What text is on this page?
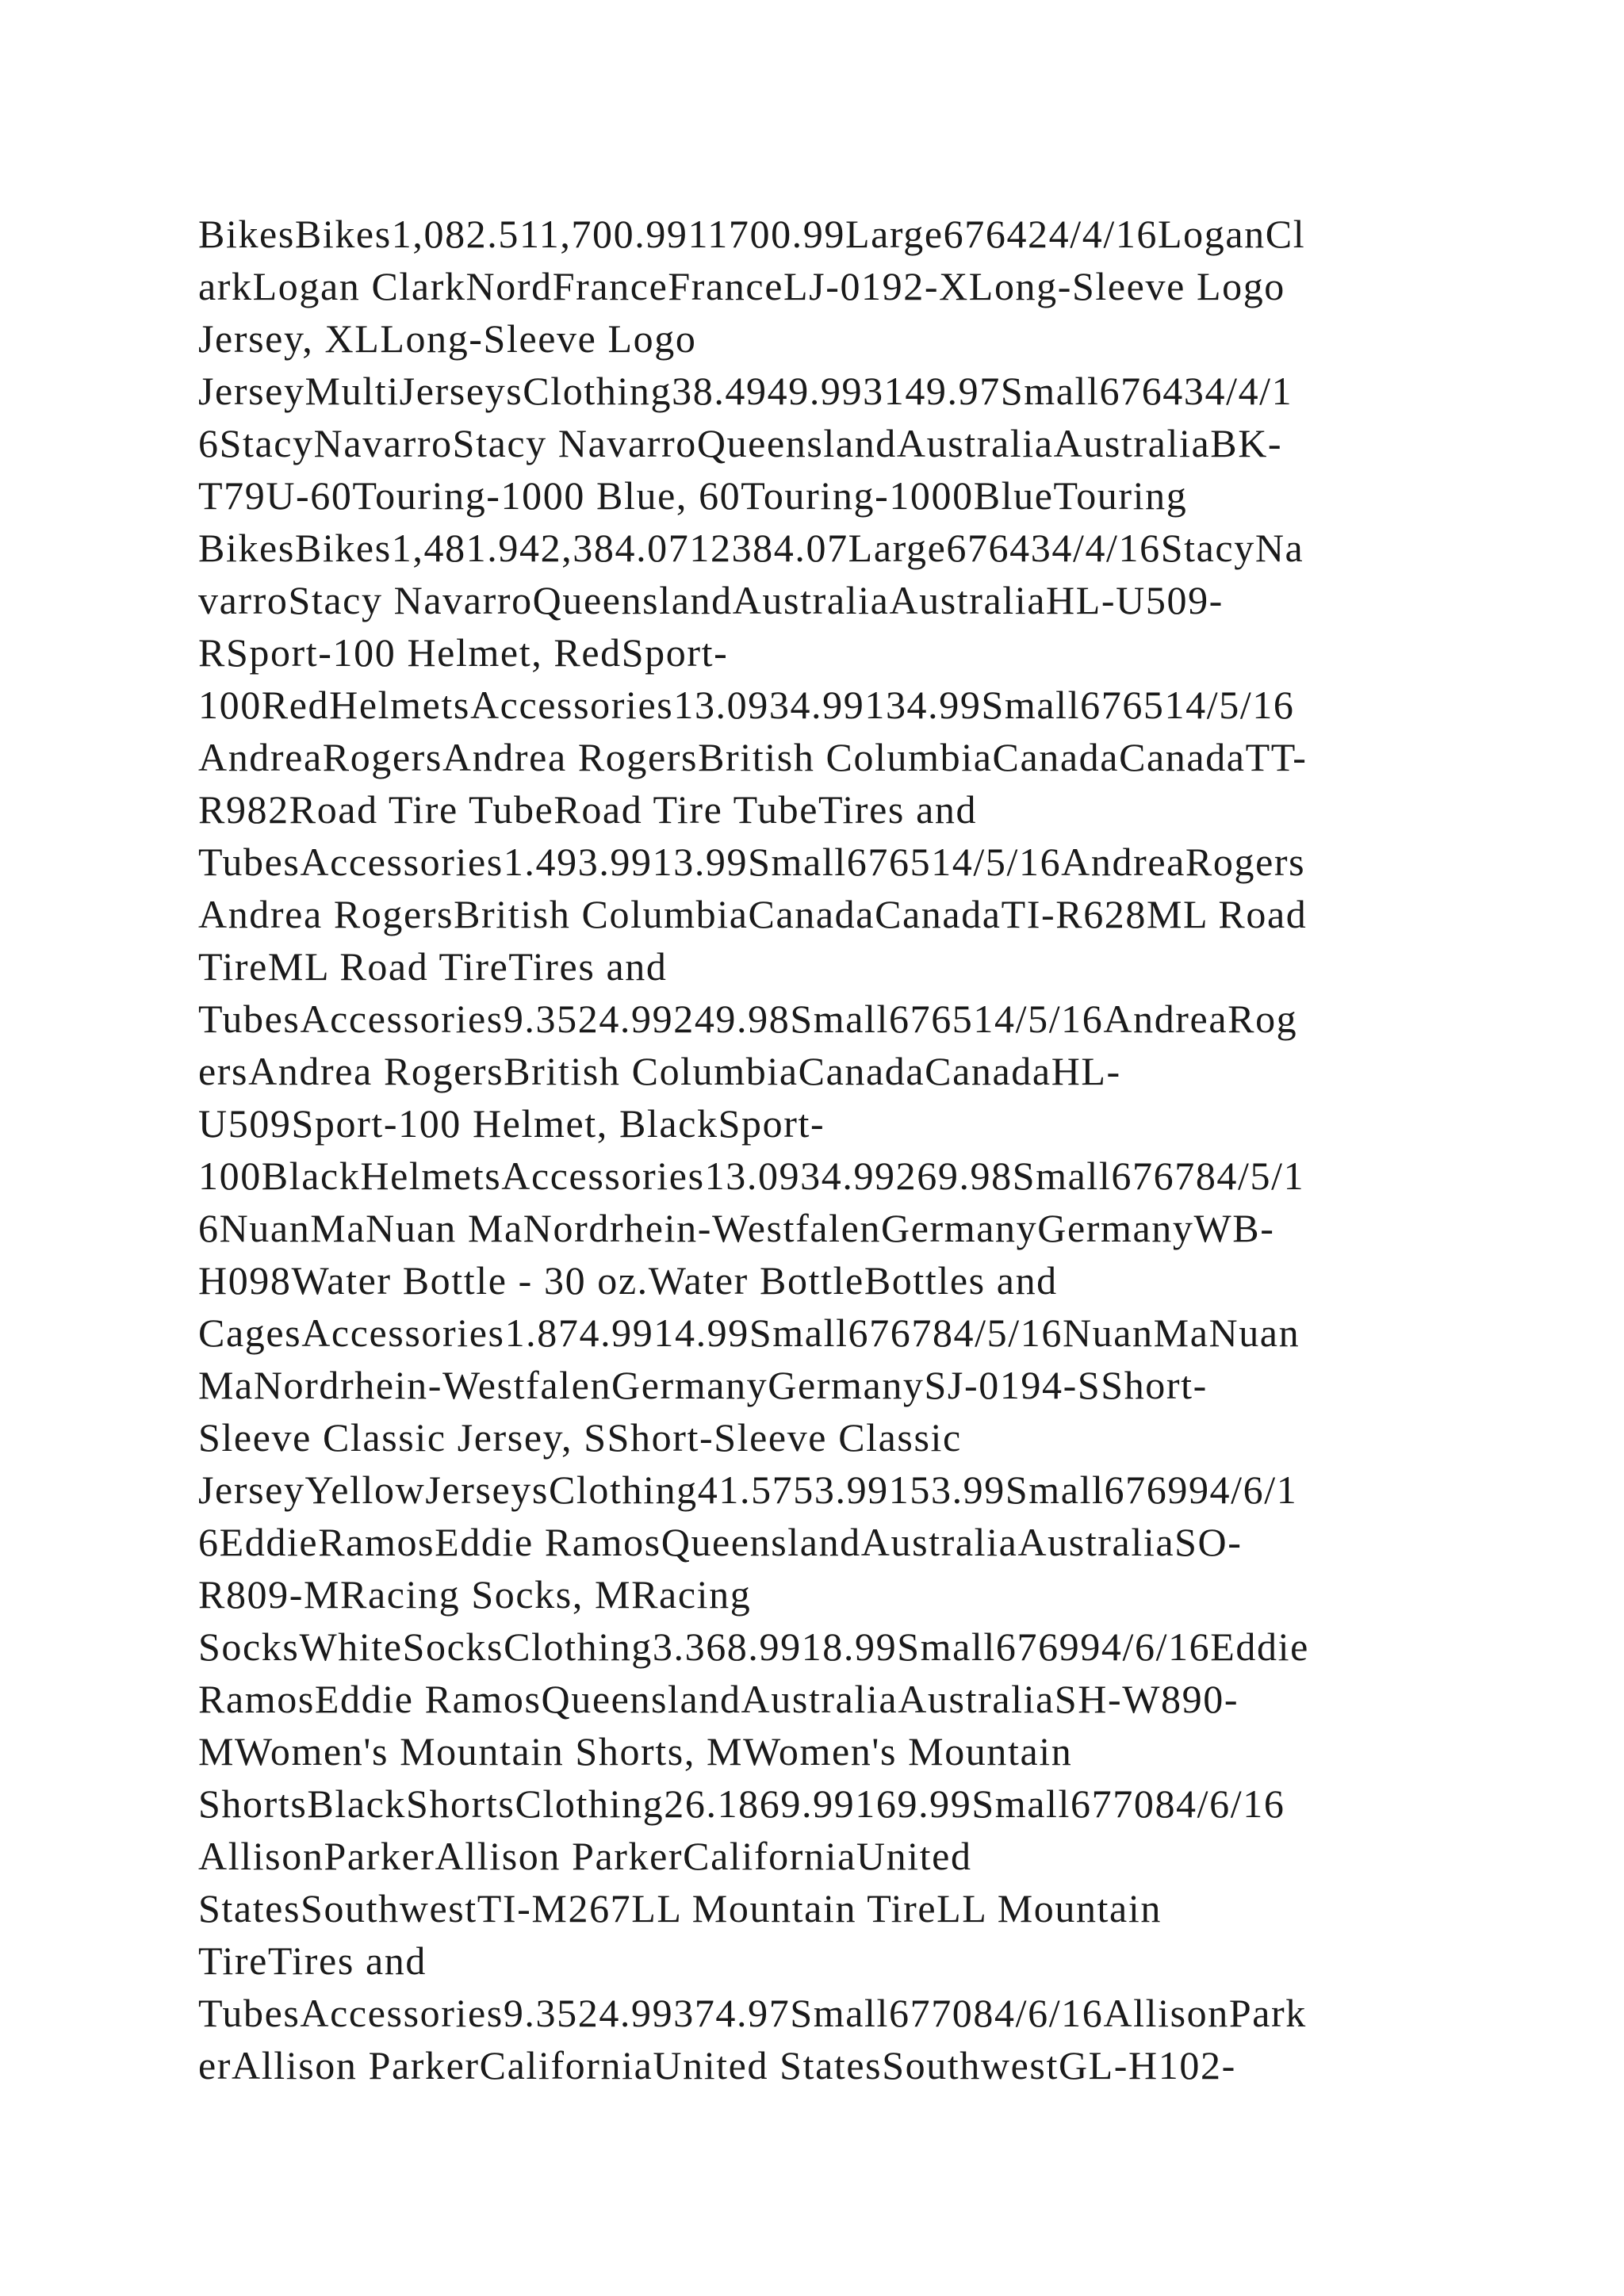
BikesBikes1,082.511,700.9911700.99Large676424/4/16LoganCl
arkLogan ClarkNordFranceFranceLJ-0192-XLong-Sleeve Logo
Jersey, XLLong-Sleeve Logo
JerseyMultiJerseysClothing38.4949.993149.97Small676434/4/1
6StacyNavarroStacy NavarroQueenslandAustraliaAustraliaBK-
T79U-60Touring-1000 Blue, 60Touring-1000BlueTouring
BikesBikes1,481.942,384.0712384.07Large676434/4/16StacyNa
varroStacy NavarroQueenslandAustraliaAustraliaHL-U509-
RSport-100 Helmet, RedSport-
100RedHelmetsAccessories13.0934.99134.99Small676514/5/16
AndreaRogersAndrea RogersBritish ColumbiaCanadaCanadaTT-
R982Road Tire TubeRoad Tire TubeTires and
TubesAccessories1.493.9913.99Small676514/5/16AndreaRogers
Andrea RogersBritish ColumbiaCanadaCanadaTI-R628ML Road
TireML Road TireTires and
TubesAccessories9.3524.99249.98Small676514/5/16AndreaRog
ersAndrea RogersBritish ColumbiaCanadaCanadaHL-
U509Sport-100 Helmet, BlackSport-
100BlackHelmetsAccessories13.0934.99269.98Small676784/5/1
6NuanMaNuan MaNordrhein-WestfalenGermanyGermanyWB-
H098Water Bottle - 30 oz.Water BottleBottles and
CagesAccessories1.874.9914.99Small676784/5/16NuanMaNuan
MaNordrhein-WestfalenGermanyGermanySJ-0194-SShort-
Sleeve Classic Jersey, SShort-Sleeve Classic
JerseyYellowJerseysClothing41.5753.99153.99Small676994/6/1
6EddieRamosEddie RamosQueenslandAustraliaAustraliaSO-
R809-MRacing Socks, MRacing
SocksWhiteSocksClothing3.368.9918.99Small676994/6/16Eddie
RamosEddie RamosQueenslandAustraliaAustraliaSH-W890-
MWomen's Mountain Shorts, MWomen's Mountain
ShortsBlackShortsClothing26.1869.99169.99Small677084/6/16
AllisonParkerAllison ParkerCaliforniaUnited
StatesSouthwestTI-M267LL Mountain TireLL Mountain
TireTires and
TubesAccessories9.3524.99374.97Small677084/6/16AllisonPark
erAllison ParkerCaliforniaUnited StatesSouthwestGL-H102-
